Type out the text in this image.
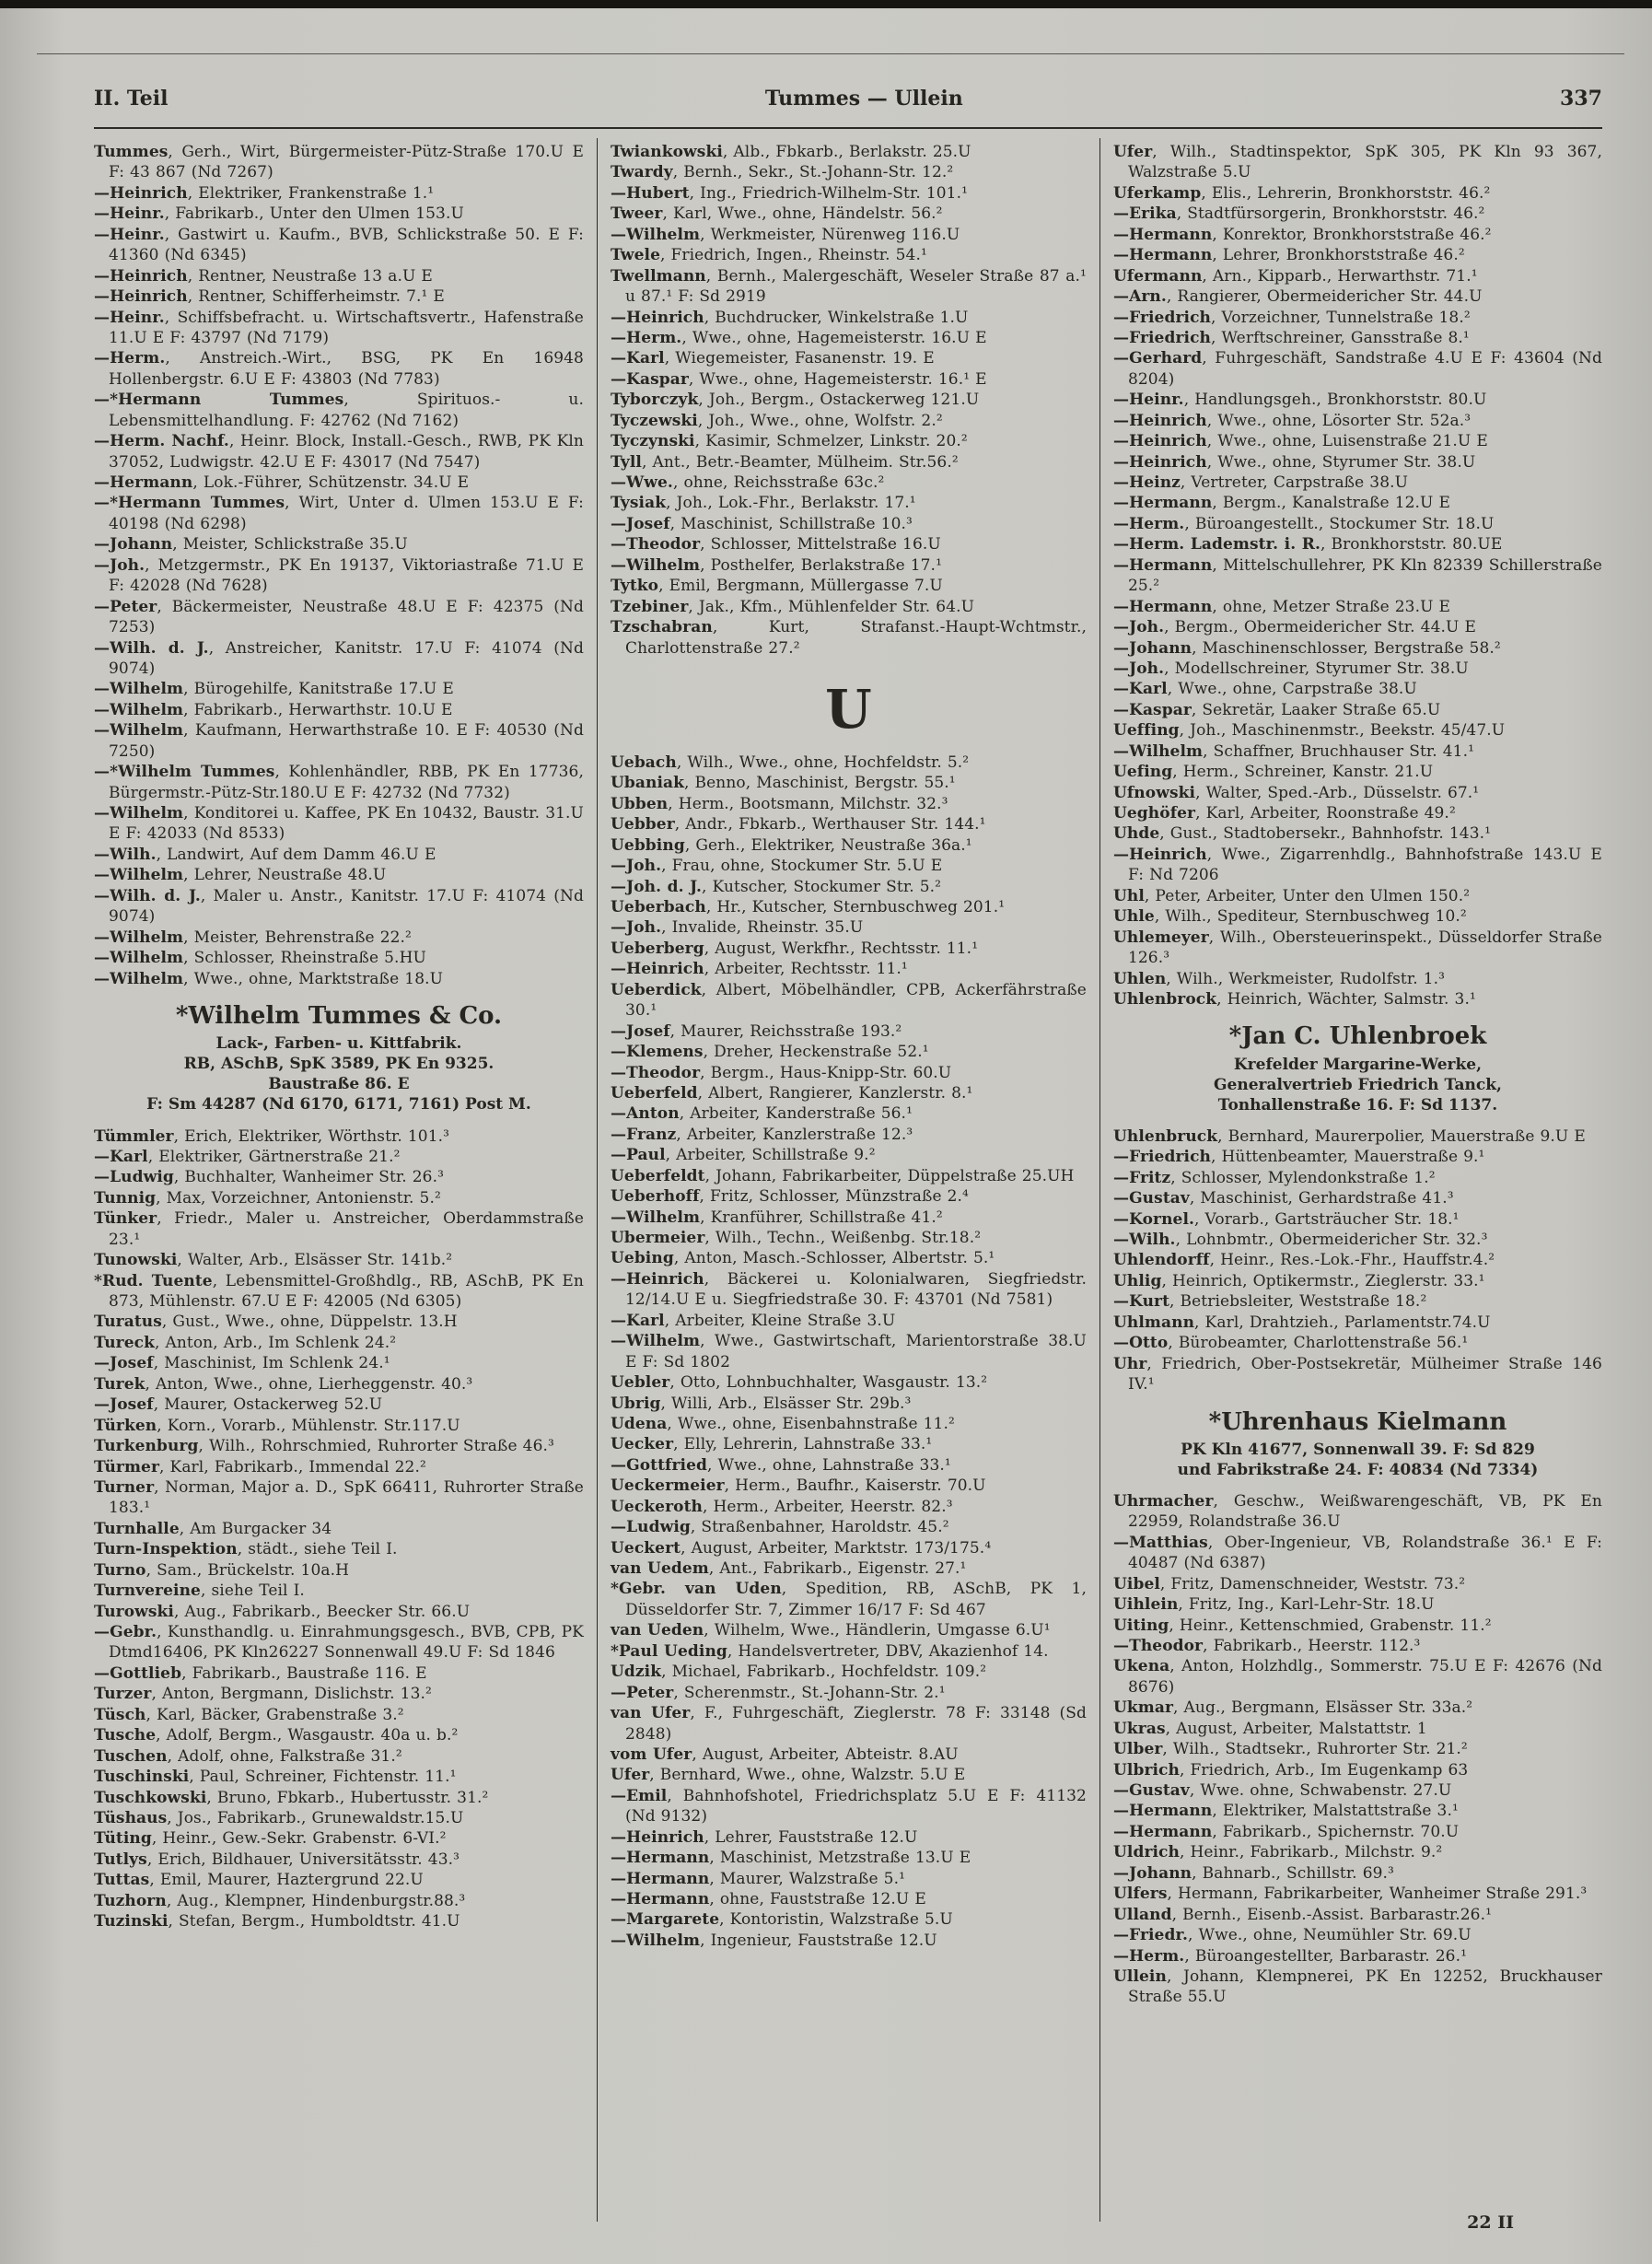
II. Teil	Tummes — Ullein	337
Tummes, Gerh., Wirt, Bürgermeister-Pütz-Straße 170.U E F: 43 867 (Nd 7267)
—Heinrich, Elektriker, Frankenstraße 1.¹
—Heinr., Fabrikarb., Unter den Ulmen 153.U
—Heinr., Gastwirt u. Kaufm., BVB, Schlickstraße 50. E F: 41360 (Nd 6345)
—Heinrich, Rentner, Neustraße 13 a.U E
—Heinrich, Rentner, Schifferheimstr. 7.¹ E
—Heinr., Schiffsbefracht. u. Wirtschaftsvertr., Hafenstraße 11.U E F: 43797 (Nd 7179)
—Herm., Anstreich.-Wirt., BSG, PK En 16948 Hollenbergstr. 6.U E F: 43803 (Nd 7783)
—*Hermann Tummes, Spirituos.- u. Lebensmittelhandlung. F: 42762 (Nd 7162)
—Herm. Nachf., Heinr. Block, Install.-Gesch., RWB, PK Kln 37052, Ludwigstr. 42.U E F: 43017 (Nd 7547)
—Hermann, Lok.-Führer, Schützenstr. 34.U E
—*Hermann Tummes, Wirt, Unter d. Ulmen 153.U E F: 40198 (Nd 6298)
—Johann, Meister, Schlickstraße 35.U
—Joh., Metzgermstr., PK En 19137, Viktoriastraße 71.U E F: 42028 (Nd 7628)
—Peter, Bäckermeister, Neustraße 48.U E F: 42375 (Nd 7253)
—Wilh. d. J., Anstreicher, Kanitstr. 17.U F: 41074 (Nd 9074)
—Wilhelm, Bürogehilfe, Kanitstraße 17.U E
—Wilhelm, Fabrikarb., Herwarthstr. 10.U E
—Wilhelm, Kaufmann, Herwarthstraße 10. E F: 40530 (Nd 7250)
—*Wilhelm Tummes, Kohlenhändler, RBB, PK En 17736, Bürgermstr.-Pütz-Str.180.U E F: 42732 (Nd 7732)
—Wilhelm, Konditorei u. Kaffee, PK En 10432, Baustr. 31.U E F: 42033 (Nd 8533)
—Wilh., Landwirt, Auf dem Damm 46.U E
—Wilhelm, Lehrer, Neustraße 48.U
—Wilh. d. J., Maler u. Anstr., Kanitstr. 17.U F: 41074 (Nd 9074)
—Wilhelm, Meister, Behrenstraße 22.²
—Wilhelm, Schlosser, Rheinstraße 5.HU
—Wilhelm, Wwe., ohne, Marktstraße 18.U
*Wilhelm Tummes & Co.
Lack-, Farben- u. Kittfabrik.
RB, ASchB, SpK 3589, PK En 9325.
Baustraße 86. E
F: Sm 44287 (Nd 6170, 6171, 7161) Post M.
Tümmler, Erich, Elektriker, Wörthstr. 101.³
—Karl, Elektriker, Gärtnerstraße 21.²
—Ludwig, Buchhalter, Wanheimer Str. 26.³
Tunnig, Max, Vorzeichner, Antonienstr. 5.²
Tünker, Friedr., Maler u. Anstreicher, Oberdammstraße 23.¹
Tunowski, Walter, Arb., Elsässer Str. 141b.²
*Rud. Tuente, Lebensmittel-Großhdlg., RB, ASchB, PK En 873, Mühlenstr. 67.U E F: 42005 (Nd 6305)
Turatus, Gust., Wwe., ohne, Düppelstr. 13.H
Tureck, Anton, Arb., Im Schlenk 24.²
—Josef, Maschinist, Im Schlenk 24.¹
Turek, Anton, Wwe., ohne, Lierheggenstr. 40.³
—Josef, Maurer, Ostackerweg 52.U
Türken, Korn., Vorarb., Mühlenstr. Str.117.U
Turkenburg, Wilh., Rohrschmied, Ruhrorter Straße 46.³
Türmer, Karl, Fabrikarb., Immendal 22.²
Turner, Norman, Major a. D., SpK 66411, Ruhrorter Straße 183.¹
Turnhalle, Am Burgacker 34
Turn-Inspektion, städt., siehe Teil I.
Turno, Sam., Brückelstr. 10a.H
Turnvereine, siehe Teil I.
Turowski, Aug., Fabrikarb., Beecker Str. 66.U
—Gebr., Kunsthandlg. u. Einrahmungsgesch., BVB, CPB, PK Dtmd16406, PK Kln26227 Sonnenwall 49.U F: Sd 1846
—Gottlieb, Fabrikarb., Baustraße 116. E
Turzer, Anton, Bergmann, Dislichstr. 13.²
Tüsch, Karl, Bäcker, Grabenstraße 3.²
Tusche, Adolf, Bergm., Wasgaustr. 40a u. b.²
Tuschen, Adolf, ohne, Falkstraße 31.²
Tuschinski, Paul, Schreiner, Fichtenstr. 11.¹
Tuschkowski, Bruno, Fbkarb., Hubertusstr. 31.²
Tüshaus, Jos., Fabrikarb., Grunewaldstr.15.U
Tüting, Heinr., Gew.-Sekr. Grabenstr. 6-VI.²
Tutlys, Erich, Bildhauer, Universitätsstr. 43.³
Tuttas, Emil, Maurer, Haztergrund 22.U
Tuzhorn, Aug., Klempner, Hindenburgstr.88.³
Tuzinski, Stefan, Bergm., Humboldtstr. 41.U
Twiankowski, Alb., Fbkarb., Berlakstr. 25.U
Twardy, Bernh., Sekr., St.-Johann-Str. 12.²
—Hubert, Ing., Friedrich-Wilhelm-Str. 101.¹
Tweer, Karl, Wwe., ohne, Händelstr. 56.²
—Wilhelm, Werkmeister, Nürenweg 116.U
Twele, Friedrich, Ingen., Rheinstr. 54.¹
Twellmann, Bernh., Malergeschäft, Weseler Straße 87 a.¹ u 87.¹ F: Sd 2919
—Heinrich, Buchdrucker, Winkelstraße 1.U
—Herm., Wwe., ohne, Hagemeisterstr. 16.U E
—Karl, Wiegemeister, Fasanenstr. 19. E
—Kaspar, Wwe., ohne, Hagemeisterstr. 16.¹ E
Tyborczyk, Joh., Bergm., Ostackerweg 121.U
Tyczewski, Joh., Wwe., ohne, Wolfstr. 2.²
Tyczynski, Kasimir, Schmelzer, Linkstr. 20.²
Tyll, Ant., Betr.-Beamter, Mülheim. Str.56.²
—Wwe., ohne, Reichsstraße 63c.²
Tysiak, Joh., Lok.-Fhr., Berlakstr. 17.¹
—Josef, Maschinist, Schillstraße 10.³
—Theodor, Schlosser, Mittelstraße 16.U
—Wilhelm, Posthelfer, Berlakstraße 17.¹
Tytko, Emil, Bergmann, Müllergasse 7.U
Tzebiner, Jak., Kfm., Mühlenfelder Str. 64.U
Tzschabran, Kurt, Strafanst.-Haupt-Wchtmstr., Charlottenstraße 27.²
U
Uebach, Wilh., Wwe., ohne, Hochfeldstr. 5.²
Ubaniak, Benno, Maschinist, Bergstr. 55.¹
Ubben, Herm., Bootsmann, Milchstr. 32.³
Uebber, Andr., Fbkarb., Werthauser Str. 144.¹
Uebbing, Gerh., Elektriker, Neustraße 36a.¹
—Joh., Frau, ohne, Stockumer Str. 5.U E
—Joh. d. J., Kutscher, Stockumer Str. 5.²
Ueberbach, Hr., Kutscher, Sternbuschweg 201.¹
—Joh., Invalide, Rheinstr. 35.U
Ueberberg, August, Werkfhr., Rechtsstr. 11.¹
—Heinrich, Arbeiter, Rechtsstr. 11.¹
Ueberdick, Albert, Möbelhändler, CPB, Ackerfährstraße 30.¹
—Josef, Maurer, Reichsstraße 193.²
—Klemens, Dreher, Heckenstraße 52.¹
—Theodor, Bergm., Haus-Knipp-Str. 60.U
Ueberfeld, Albert, Rangierer, Kanzlerstr. 8.¹
—Anton, Arbeiter, Kanderstraße 56.¹
—Franz, Arbeiter, Kanzlerstraße 12.³
—Paul, Arbeiter, Schillstraße 9.²
Ueberfeldt, Johann, Fabrikarbeiter, Düppelstraße 25.UH
Ueberhoff, Fritz, Schlosser, Münzstraße 2.⁴
—Wilhelm, Kranführer, Schillstraße 41.²
Ubermeier, Wilh., Techn., Weißenbg. Str.18.²
Uebing, Anton, Masch.-Schlosser, Albertstr. 5.¹
—Heinrich, Bäckerei u. Kolonialwaren, Siegfriedstr. 12/14.U E u. Siegfriedstraße 30. F: 43701 (Nd 7581)
—Karl, Arbeiter, Kleine Straße 3.U
—Wilhelm, Wwe., Gastwirtschaft, Marientorstraße 38.U E F: Sd 1802
Uebler, Otto, Lohnbuchhalter, Wasgaustr. 13.²
Ubrig, Willi, Arb., Elsässer Str. 29b.³
Udena, Wwe., ohne, Eisenbahnstraße 11.²
Uecker, Elly, Lehrerin, Lahnstraße 33.¹
—Gottfried, Wwe., ohne, Lahnstraße 33.¹
Ueckermeier, Herm., Baufhr., Kaiserstr. 70.U
Ueckeroth, Herm., Arbeiter, Heerstr. 82.³
—Ludwig, Straßenbahner, Haroldstr. 45.²
Ueckert, August, Arbeiter, Marktstr. 173/175.⁴
van Uedem, Ant., Fabrikarb., Eigenstr. 27.¹
*Gebr. van Uden, Spedition, RB, ASchB, PK 1, Düsseldorfer Str. 7, Zimmer 16/17 F: Sd 467
van Ueden, Wilhelm, Wwe., Händlerin, Umgasse 6.U¹
*Paul Ueding, Handelsvertreter, DBV, Akazienhof 14.
Udzik, Michael, Fabrikarb., Hochfeldstr. 109.²
—Peter, Scherenmstr., St.-Johann-Str. 2.¹
van Ufer, F., Fuhrgeschäft, Zieglerstr. 78 F: 33148 (Sd 2848)
vom Ufer, August, Arbeiter, Abteistr. 8.AU
Ufer, Bernhard, Wwe., ohne, Walzstr. 5.U E
—Emil, Bahnhofshotel, Friedrichsplatz 5.U E F: 41132 (Nd 9132)
—Heinrich, Lehrer, Fauststraße 12.U
—Hermann, Maschinist, Metzstraße 13.U E
—Hermann, Maurer, Walzstraße 5.¹
—Hermann, ohne, Fauststraße 12.U E
—Margarete, Kontoristin, Walzstraße 5.U
—Wilhelm, Ingenieur, Fauststraße 12.U
Ufer, Wilh., Stadtinspektor, SpK 305, PK Kln 93 367, Walzstraße 5.U
Uferkamp, Elis., Lehrerin, Bronkhorststr. 46.²
—Erika, Stadtfürsorgerin, Bronkhorststr. 46.²
—Hermann, Konrektor, Bronkhorststraße 46.²
—Hermann, Lehrer, Bronkhorststraße 46.²
Ufermann, Arn., Kipparb., Herwarthstr. 71.¹
—Arn., Rangierer, Obermeidericher Str. 44.U
—Friedrich, Vorzeichner, Tunnelstraße 18.²
—Friedrich, Werftschreiner, Gansstraße 8.¹
—Gerhard, Fuhrgeschäft, Sandstraße 4.U E F: 43604 (Nd 8204)
—Heinr., Handlungsgeh., Bronkhorststr. 80.U
—Heinrich, Wwe., ohne, Lösorter Str. 52a.³
—Heinrich, Wwe., ohne, Luisenstraße 21.U E
—Heinrich, Wwe., ohne, Styrumer Str. 38.U
—Heinz, Vertreter, Carpstraße 38.U
—Hermann, Bergm., Kanalstraße 12.U E
—Herm., Büroangestellt., Stockumer Str. 18.U
—Herm. Lademstr. i. R., Bronkhorststr. 80.UE
—Hermann, Mittelschullehrer, PK Kln 82339 Schillerstraße 25.²
—Hermann, ohne, Metzer Straße 23.U E
—Joh., Bergm., Obermeidericher Str. 44.U E
—Johann, Maschinenschlosser, Bergstraße 58.²
—Joh., Modellschreiner, Styrumer Str. 38.U
—Karl, Wwe., ohne, Carpstraße 38.U
—Kaspar, Sekretär, Laaker Straße 65.U
Ueffing, Joh., Maschinenmstr., Beekstr. 45/47.U
—Wilhelm, Schaffner, Bruchhauser Str. 41.¹
Uefing, Herm., Schreiner, Kanstr. 21.U
Ufnowski, Walter, Sped.-Arb., Düsselstr. 67.¹
Ueghöfer, Karl, Arbeiter, Roonstraße 49.²
Uhde, Gust., Stadtobersekr., Bahnhofstr. 143.¹
—Heinrich, Wwe., Zigarrenhdlg., Bahnhofstraße 143.U E F: Nd 7206
Uhl, Peter, Arbeiter, Unter den Ulmen 150.²
Uhle, Wilh., Spediteur, Sternbuschweg 10.²
Uhlemeyer, Wilh., Obersteuerinspekt., Düsseldorfer Straße 126.³
Uhlen, Wilh., Werkmeister, Rudolfstr. 1.³
Uhlenbrock, Heinrich, Wächter, Salmstr. 3.¹
*Jan C. Uhlenbroek
Krefelder Margarine-Werke,
Generalvertrieb Friedrich Tanck,
Tonhallenstraße 16. F: Sd 1137.
Uhlenbruck, Bernhard, Maurerpolier, Mauerstraße 9.U E
—Friedrich, Hüttenbeamter, Mauerstraße 9.¹
—Fritz, Schlosser, Mylendonkstraße 1.²
—Gustav, Maschinist, Gerhardstraße 41.³
—Kornel., Vorarb., Gartsträucher Str. 18.¹
—Wilh., Lohnbmtr., Obermeidericher Str. 32.³
Uhlendorff, Heinr., Res.-Lok.-Fhr., Hauffstr.4.²
Uhlig, Heinrich, Optikermstr., Zieglerstr. 33.¹
—Kurt, Betriebsleiter, Weststraße 18.²
Uhlmann, Karl, Drahtzieh., Parlamentstr.74.U
—Otto, Bürobeamter, Charlottenstraße 56.¹
Uhr, Friedrich, Ober-Postsekretär, Mülheimer Straße 146 IV.¹
*Uhrenhaus Kielmann
PK Kln 41677, Sonnenwall 39. F: Sd 829
und Fabrikstraße 24. F: 40834 (Nd 7334)
Uhrmacher, Geschw., Weißwarengeschäft, VB, PK En 22959, Rolandstraße 36.U
—Matthias, Ober-Ingenieur, VB, Rolandstraße 36.¹ E F: 40487 (Nd 6387)
Uibel, Fritz, Damenschneider, Weststr. 73.²
Uihlein, Fritz, Ing., Karl-Lehr-Str. 18.U
Uiting, Heinr., Kettenschmied, Grabenstr. 11.²
—Theodor, Fabrikarb., Heerstr. 112.³
Ukena, Anton, Holzhdlg., Sommerstr. 75.U E F: 42676 (Nd 8676)
Ukmar, Aug., Bergmann, Elsässer Str. 33a.²
Ukras, August, Arbeiter, Malstattstr. 1
Ulber, Wilh., Stadtsekr., Ruhrorter Str. 21.²
Ulbrich, Friedrich, Arb., Im Eugenkamp 63
—Gustav, Wwe. ohne, Schwabenstr. 27.U
—Hermann, Elektriker, Malstattstraße 3.¹
—Hermann, Fabrikarb., Spichernstr. 70.U
Uldrich, Heinr., Fabrikarb., Milchstr. 9.²
—Johann, Bahnarb., Schillstr. 69.³
Ulfers, Hermann, Fabrikarbeiter, Wanheimer Straße 291.³
Ulland, Bernh., Eisenb.-Assist. Barbarastr.26.¹
—Friedr., Wwe., ohne, Neumühler Str. 69.U
—Herm., Büroangestellter, Barbarastr. 26.¹
Ullein, Johann, Klempnerei, PK En 12252, Bruckhauser Straße 55.U
22 II
